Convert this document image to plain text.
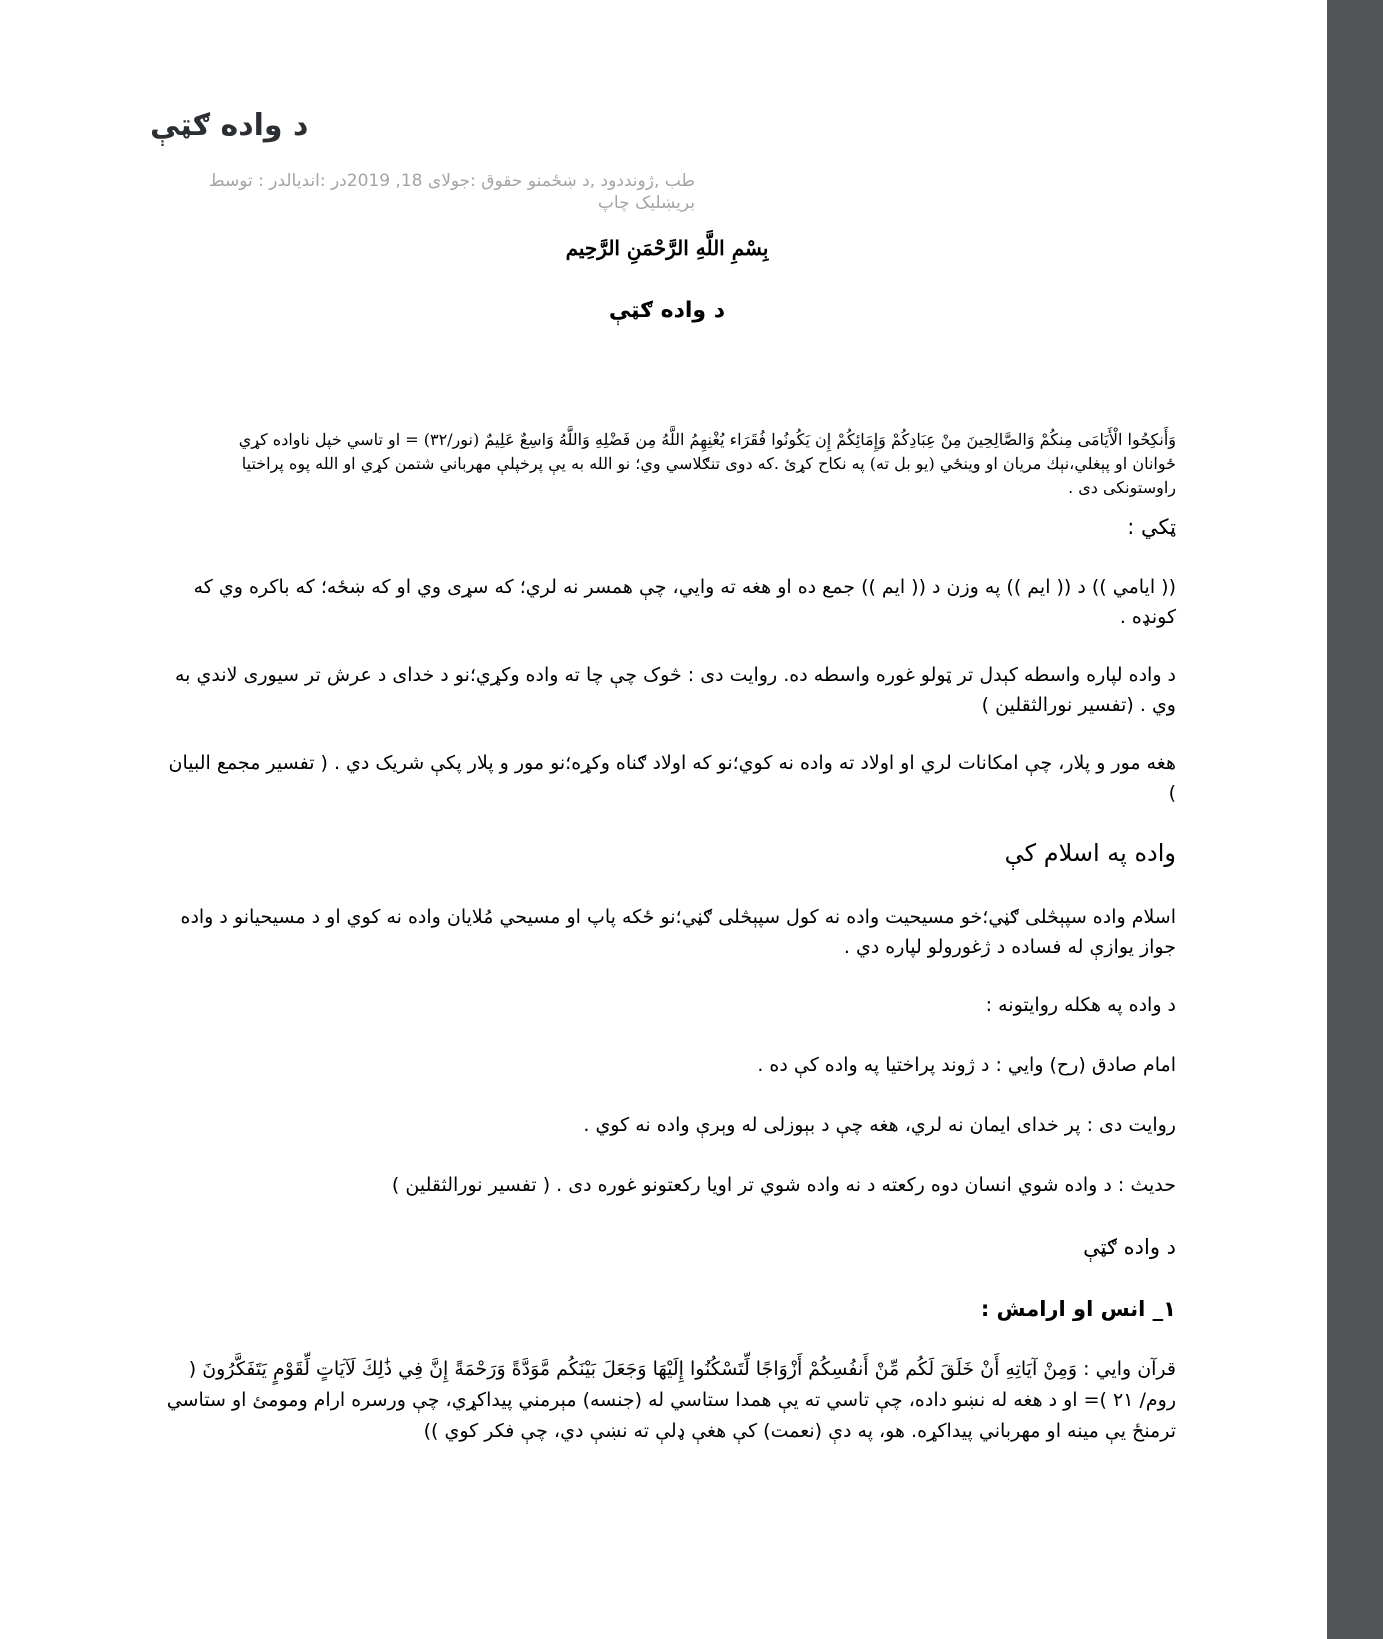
د واده ګټې
طب ,ژونددود ,د ښځمنو حقوق :جولاى 18, 2019در :انديالدر : توسط بريښليک چاپ
بِسْمِ اللَّهِ الرَّحْمَنِ الرَّحِيم
د واده ګټې
وَأَنكِحُوا الْأَيَامَى مِنكُمْ وَالصَّالِحِينَ مِنْ عِبَادِكُمْ وَإِمَائِكُمْ إِن يَكُونُوا فُقَرَاء يُغْنِهِمُ اللَّهُ مِن فَضْلِهِ وَاللَّهُ وَاسِعٌ عَلِيمٌ (نور/۳۲) = او تاسي خپل ناواده کړي ځوانان او پېغلي،نېك مريان او وينځي (يو بل ته) په نکاح کړئ .که دوی تنګلاسي وي؛ نو الله به يې پرخپلې مهرباني شتمن کړي او الله پوه پراختيا راوستونکی دی .
ټکي :
(( ايامي )) د (( ايم )) په وزن د (( ايم )) جمع ده او هغه ته وايي، چې همسر نه لري؛ که سړی وي او که ښځه؛ که باکره وي که کونډه .
د واده لپاره واسطه کېدل تر ټولو غوره واسطه ده. روايت دی : څوک چې چا ته واده وکړي؛نو د خدای د عرش تر سيوری لاندي به وي . (تفسير نورالثقلين )
هغه مور و پلار، چې امکانات لري او اولاد ته واده نه کوي؛نو که اولاد ګناه وکړه؛نو مور و پلار پکې شريک دي . ( تفسير مجمع البيان )
واده په اسلام کې
اسلام واده سپېڅلی ګڼي؛خو مسيحيت واده نه کول سپېڅلی ګڼي؛نو ځکه پاپ او مسيحي مُلايان واده نه کوي او د مسيحيانو د واده جواز يوازې له فساده د ژغورولو لپاره دي .
د واده په هکله روايتونه :
امام صادق (رح) وايي : د ژوند پراختيا په واده کې ده .
روايت دی : پر خدای ايمان نه لري، هغه چې د بېوزلی له وېرې واده نه کوي .
حديث : د واده شوي انسان دوه رکعته د نه واده شوي تر اويا رکعتونو غوره دی . ( تفسير نورالثقلين )
د واده ګټې
۱_ انس او ارامش :
قرآن وايي : وَمِنْ آيَاتِهِ أَنْ خَلَقَ لَكُم مِّنْ أَنفُسِكُمْ أَزْوَاجًا لِّتَسْكُنُوا إِلَيْهَا وَجَعَلَ بَيْنَكُم مَّوَدَّةً وَرَحْمَةً إِنَّ فِي ذَٰلِكَ لَآيَاتٍ لِّقَوْمٍ يَتَفَكَّرُونَ ( روم/ ۲۱ )= او د هغه له نښو داده، چې تاسي ته يې همدا ستاسي له (جنسه) مېرمني پيداکړي، چې ورسره ارام ومومئ او ستاسي ترمنځ يې مينه او مهرباني پيداکړه. هو، په دې (نعمت) کې هغې ډلې ته نښې دي، چې فکر کوي ))
